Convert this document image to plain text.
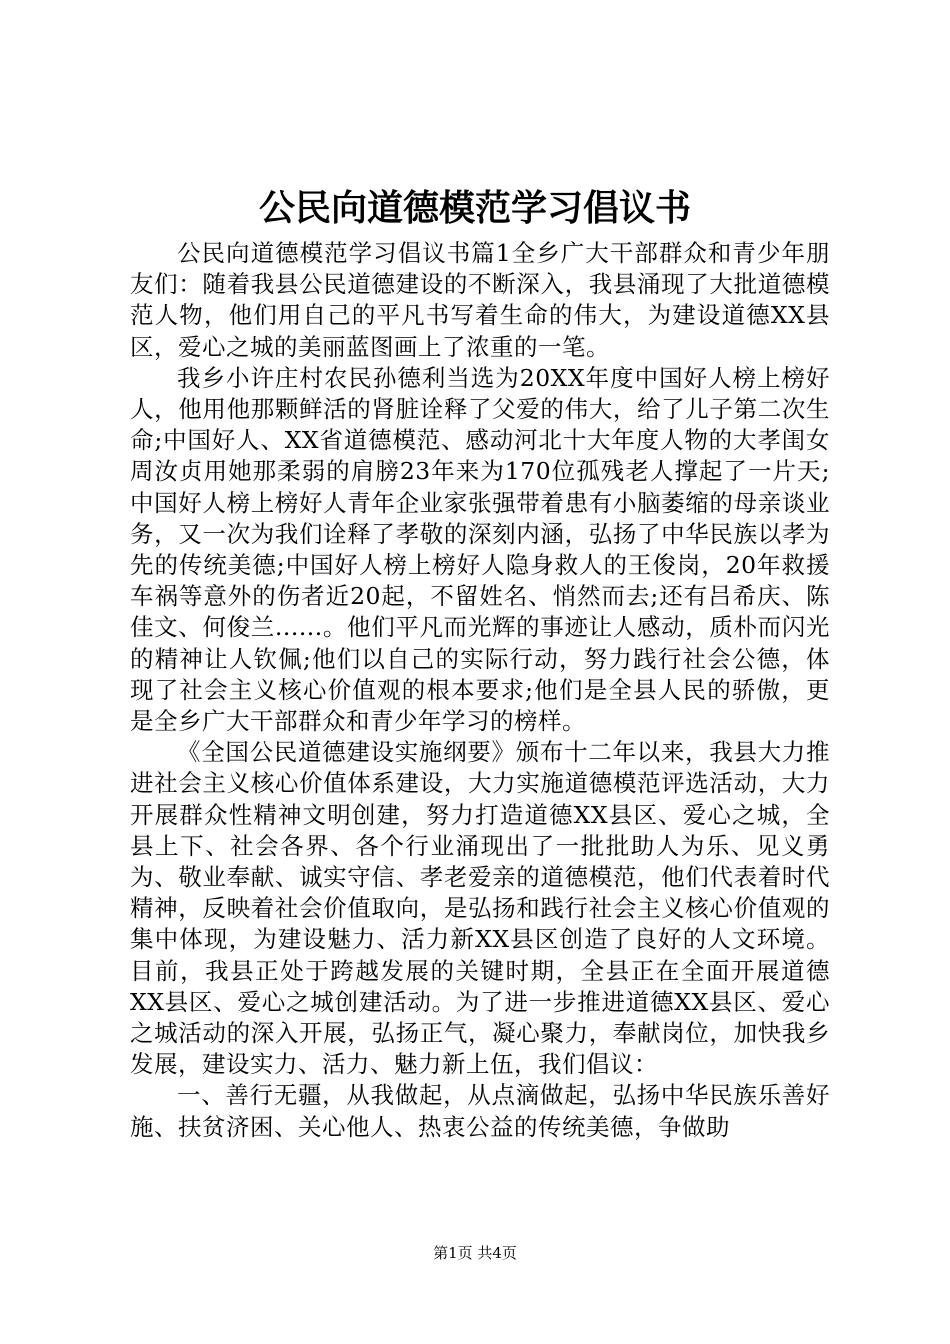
公民向道德模范学习倡议书

公民向道德模范学习倡议书篇1全乡广大干部群众和青少年朋友们：随着我县公民道德建设的不断深入，我县涌现了大批道德模范人物，他们用自己的平凡书写着生命的伟大，为建设道德XX县区，爱心之城的美丽蓝图画上了浓重的一笔。

我乡小许庄村农民孙德利当选为20XX年度中国好人榜上榜好人，他用他那颗鲜活的肾脏诠释了父爱的伟大，给了儿子第二次生命;中国好人、XX省道德模范、感动河北十大年度人物的大孝闺女周汝贞用她那柔弱的肩膀23年来为170位孤残老人撑起了一片天;中国好人榜上榜好人青年企业家张强带着患有小脑萎缩的母亲谈业务，又一次为我们诠释了孝敬的深刻内涵，弘扬了中华民族以孝为先的传统美德;中国好人榜上榜好人隐身救人的王俊岗，20年救援车祸等意外的伤者近20起，不留姓名、悄然而去;还有吕希庆、陈佳文、何俊兰......。他们平凡而光辉的事迹让人感动，质朴而闪光的精神让人钦佩;他们以自己的实际行动，努力践行社会公德，体现了社会主义核心价值观的根本要求;他们是全县人民的骄傲，更是全乡广大干部群众和青少年学习的榜样。

《全国公民道德建设实施纲要》颁布十二年以来，我县大力推进社会主义核心价值体系建设，大力实施道德模范评选活动，大力开展群众性精神文明创建，努力打造道德XX县区、爱心之城，全县上下、社会各界、各个行业涌现出了一批批助人为乐、见义勇为、敬业奉献、诚实守信、孝老爱亲的道德模范，他们代表着时代精神，反映着社会价值取向，是弘扬和践行社会主义核心价值观的集中体现，为建设魅力、活力新XX县区创造了良好的人文环境。目前，我县正处于跨越发展的关键时期，全县正在全面开展道德XX县区、爱心之城创建活动。为了进一步推进道德XX县区、爱心之城活动的深入开展，弘扬正气，凝心聚力，奉献岗位，加快我乡发展，建设实力、活力、魅力新上伍，我们倡议：

一、善行无疆，从我做起，从点滴做起，弘扬中华民族乐善好施、扶贫济困、关心他人、热衷公益的传统美德，争做助

第1页 共4页
